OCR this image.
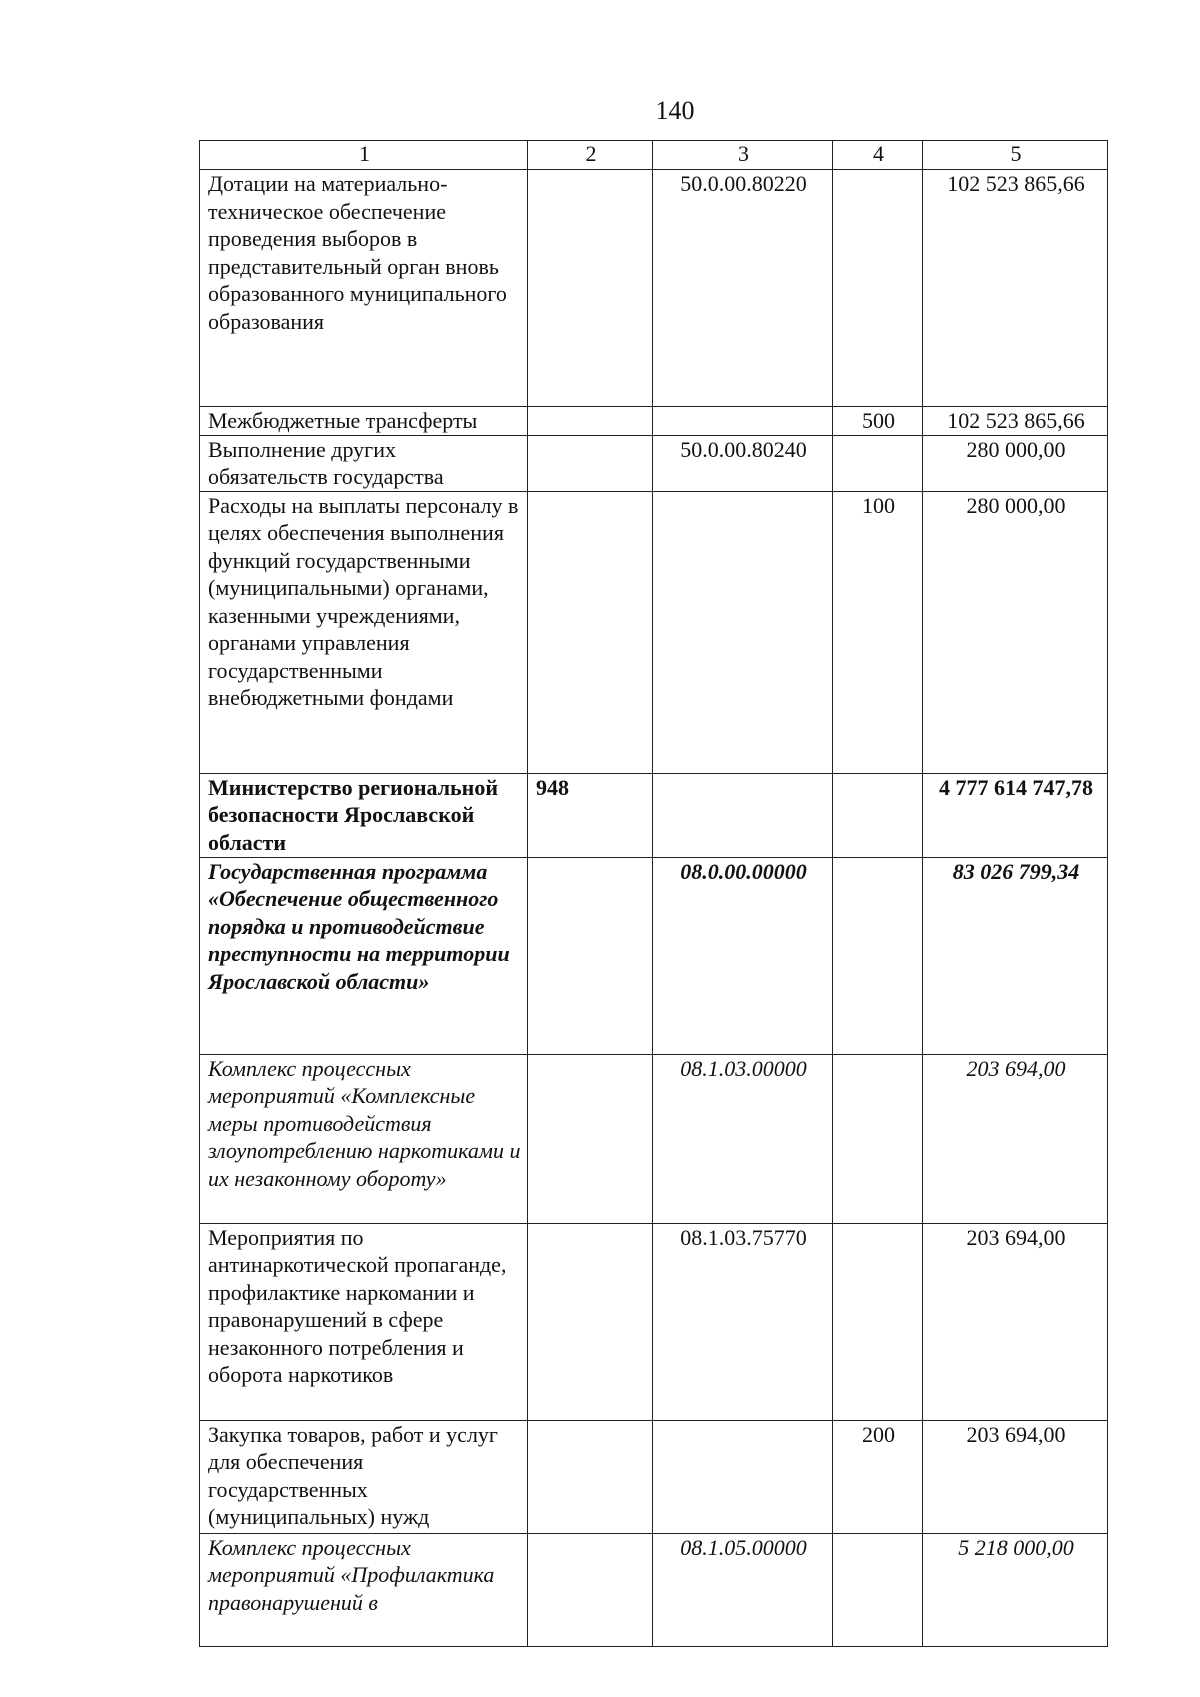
140
1	2	3	4	5
Дотации на материально-техническое обеспечение проведения выборов в представительный орган вновь образованного муниципального образования		50.0.00.80220		102 523 865,66
Межбюджетные трансферты			500	102 523 865,66
Выполнение других обязательств государства		50.0.00.80240		280 000,00
Расходы на выплаты персоналу в целях обеспечения выполнения функций государственными (муниципальными) органами, казенными учреждениями, органами управления государственными внебюджетными фондами			100	280 000,00
Министерство региональной безопасности Ярославской области	948			4 777 614 747,78
Государственная программа «Обеспечение общественного порядка и противодействие преступности на территории Ярославской области»		08.0.00.00000		83 026 799,34
Комплекс процессных мероприятий «Комплексные меры противодействия злоупотреблению наркотиками и их незаконному обороту»		08.1.03.00000		203 694,00
Мероприятия по антинаркотической пропаганде, профилактике наркомании и правонарушений в сфере незаконного потребления и оборота наркотиков		08.1.03.75770		203 694,00
Закупка товаров, работ и услуг для обеспечения государственных (муниципальных) нужд			200	203 694,00
Комплекс процессных мероприятий «Профилактика правонарушений в		08.1.05.00000		5 218 000,00
